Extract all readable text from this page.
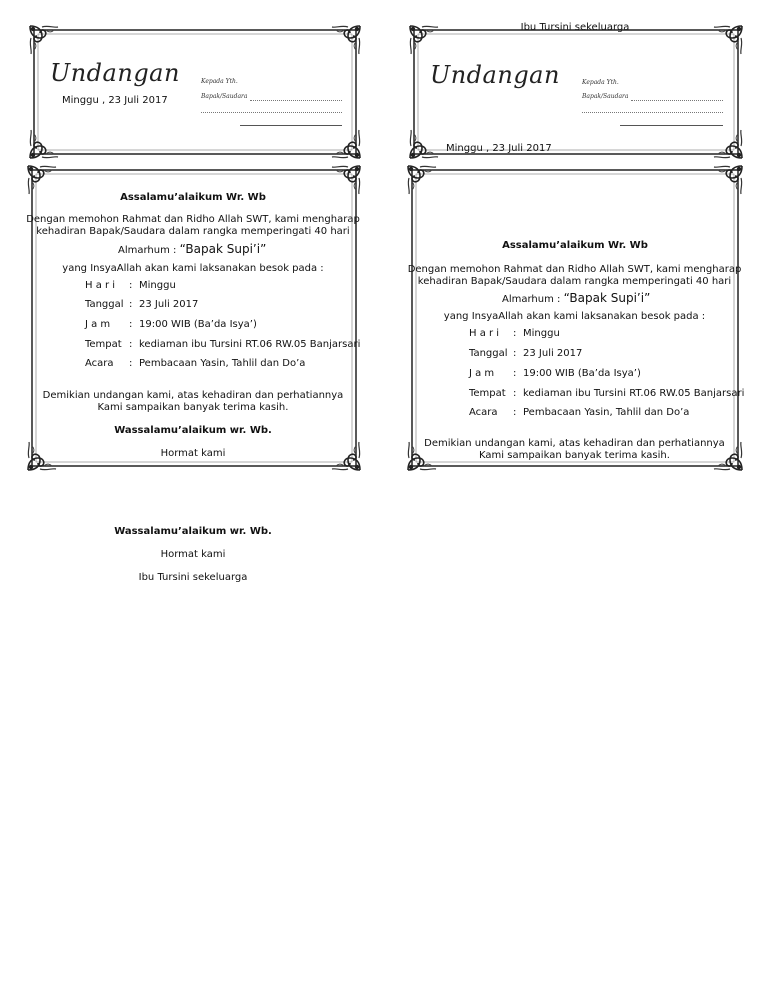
Undangan
Minggu , 23 Juli 2017
Kepada Yth.
Bapak/Saudara
Ibu Tursini sekeluarga
Undangan	Kepada Yth.
Bapak/Saudara
Minggu , 23 Juli 2017
Assalamu’alaikum Wr. Wb
Dengan memohon Rahmat dan Ridho Allah SWT, kami mengharap
kehadiran Bapak/Saudara dalam rangka memperingati 40 hari
Almarhum : “Bapak Supi’i”
yang InsyaAllah akan kami laksanakan besok pada :
H a r i : Minggu
Tanggal : 23 Juli 2017
J a m : 19:00 WIB (Ba’da Isya’)
Tempat : kediaman ibu Tursini RT.06 RW.05 Banjarsari
Acara : Pembacaan Yasin, Tahlil dan Do’a
Demikian undangan kami, atas kehadiran dan perhatiannya
Kami sampaikan banyak terima kasih.
Wassalamu’alaikum wr. Wb.
Hormat kami
Assalamu’alaikum Wr. Wb
Dengan memohon Rahmat dan Ridho Allah SWT, kami mengharap
kehadiran Bapak/Saudara dalam rangka memperingati 40 hari
Almarhum : “Bapak Supi’i”
yang InsyaAllah akan kami laksanakan besok pada :
H a r i : Minggu
Tanggal : 23 Juli 2017
J a m : 19:00 WIB (Ba’da Isya’)
Tempat : kediaman ibu Tursini RT.06 RW.05 Banjarsari
Acara : Pembacaan Yasin, Tahlil dan Do’a
Demikian undangan kami, atas kehadiran dan perhatiannya
Kami sampaikan banyak terima kasih.
Wassalamu’alaikum wr. Wb.
Hormat kami
Ibu Tursini sekeluarga
